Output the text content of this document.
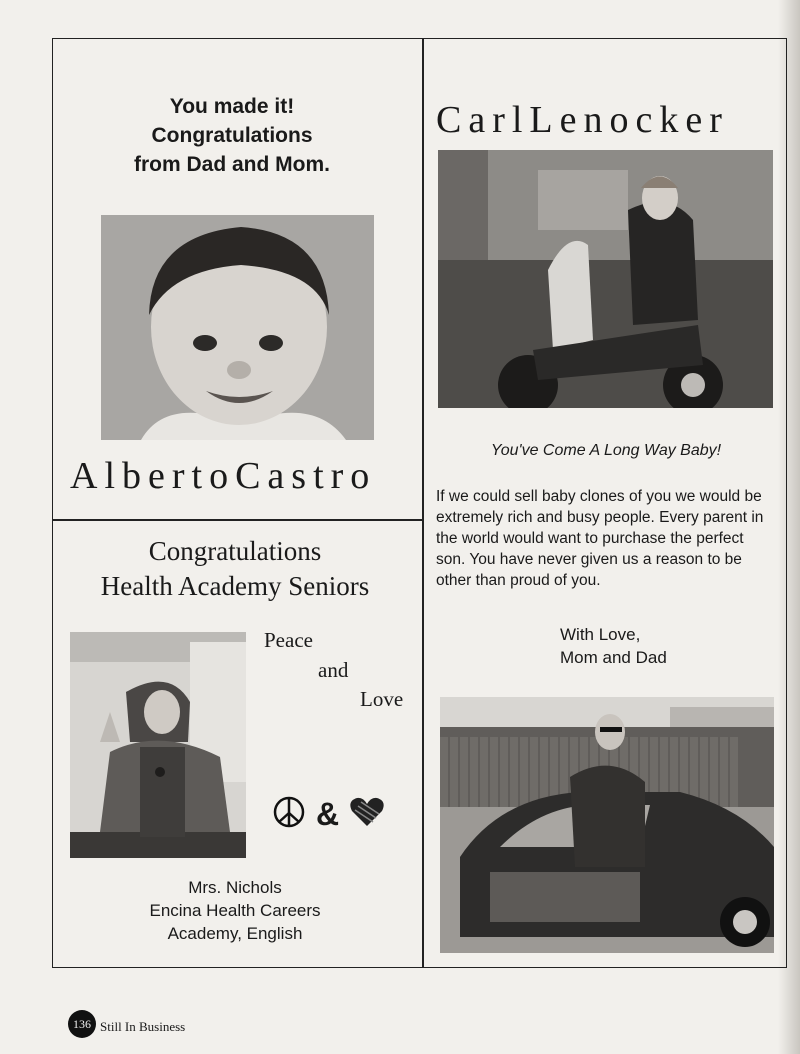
You made it!
Congratulations
from Dad and Mom.
AlbertoCastro
Congratulations
Health Academy Seniors
Peace
and
Love
&
Mrs. Nichols
Encina Health Careers
Academy, English
CarlLenocker
You've Come A Long Way Baby!
If we could sell baby clones of you we would be extremely rich and busy people. Every parent in the world would want to purchase the perfect son. You have never given us a reason to be other than proud of you.
With Love,
Mom and Dad
136 Still In Business
